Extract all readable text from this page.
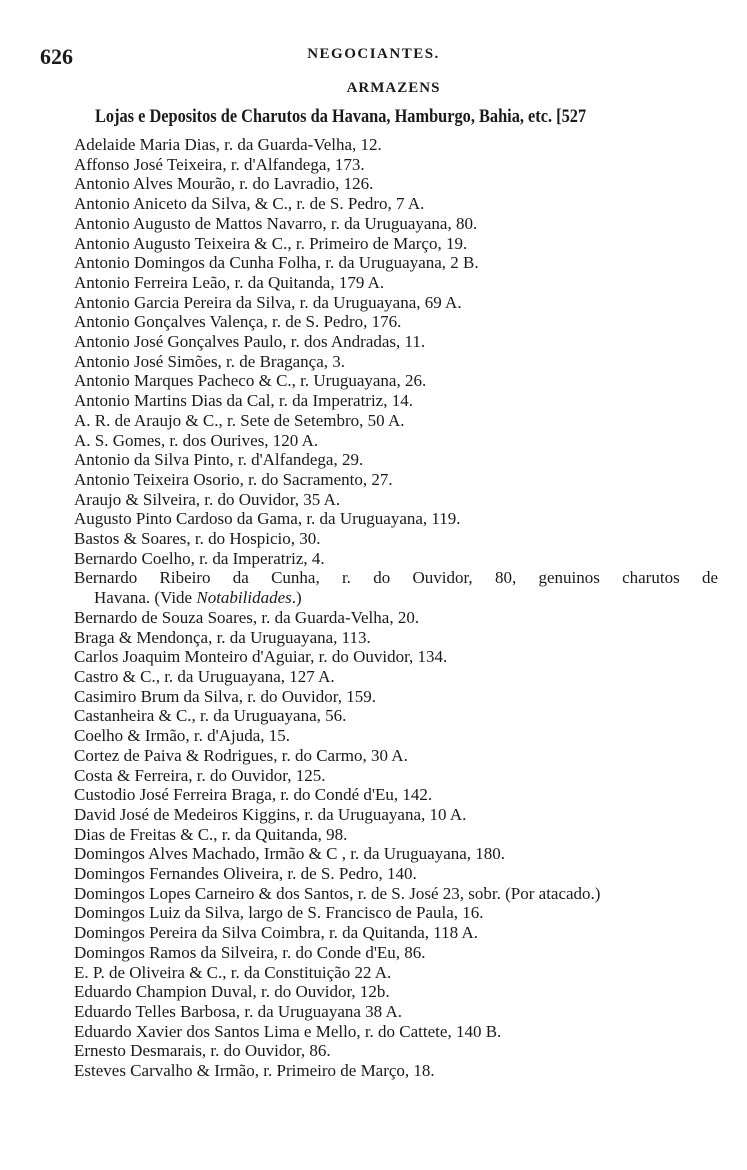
626	NEGOCIANTES.
ARMAZENS
Lojas e Depositos de Charutos da Havana, Hamburgo, Bahia, etc. [527
Adelaide Maria Dias, r. da Guarda-Velha, 12.
Affonso José Teixeira, r. d'Alfandega, 173.
Antonio Alves Mourão, r. do Lavradio, 126.
Antonio Aniceto da Silva, & C., r. de S. Pedro, 7 A.
Antonio Augusto de Mattos Navarro, r. da Uruguayana, 80.
Antonio Augusto Teixeira & C., r. Primeiro de Março, 19.
Antonio Domingos da Cunha Folha, r. da Uruguayana, 2 B.
Antonio Ferreira Leão, r. da Quitanda, 179 A.
Antonio Garcia Pereira da Silva, r. da Uruguayana, 69 A.
Antonio Gonçalves Valença, r. de S. Pedro, 176.
Antonio José Gonçalves Paulo, r. dos Andradas, 11.
Antonio José Simões, r. de Bragança, 3.
Antonio Marques Pacheco & C., r. Uruguayana, 26.
Antonio Martins Dias da Cal, r. da Imperatriz, 14.
A. R. de Araujo & C., r. Sete de Setembro, 50 A.
A. S. Gomes, r. dos Ourives, 120 A.
Antonio da Silva Pinto, r. d'Alfandega, 29.
Antonio Teixeira Osorio, r. do Sacramento, 27.
Araujo & Silveira, r. do Ouvidor, 35 A.
Augusto Pinto Cardoso da Gama, r. da Uruguayana, 119.
Bastos & Soares, r. do Hospicio, 30.
Bernardo Coelho, r. da Imperatriz, 4.
Bernardo Ribeiro da Cunha, r. do Ouvidor, 80, genuinos charutos de
Havana. (Vide Notabilidades.)
Bernardo de Souza Soares, r. da Guarda-Velha, 20.
Braga & Mendonça, r. da Uruguayana, 113.
Carlos Joaquim Monteiro d'Aguiar, r. do Ouvidor, 134.
Castro & C., r. da Uruguayana, 127 A.
Casimiro Brum da Silva, r. do Ouvidor, 159.
Castanheira & C., r. da Uruguayana, 56.
Coelho & Irmão, r. d'Ajuda, 15.
Cortez de Paiva & Rodrigues, r. do Carmo, 30 A.
Costa & Ferreira, r. do Ouvidor, 125.
Custodio José Ferreira Braga, r. do Condé d'Eu, 142.
David José de Medeiros Kiggins, r. da Uruguayana, 10 A.
Dias de Freitas & C., r. da Quitanda, 98.
Domingos Alves Machado, Irmão & C , r. da Uruguayana, 180.
Domingos Fernandes Oliveira, r. de S. Pedro, 140.
Domingos Lopes Carneiro & dos Santos, r. de S. José 23, sobr. (Por atacado.)
Domingos Luiz da Silva, largo de S. Francisco de Paula, 16.
Domingos Pereira da Silva Coimbra, r. da Quitanda, 118 A.
Domingos Ramos da Silveira, r. do Conde d'Eu, 86.
E. P. de Oliveira & C., r. da Constituição 22 A.
Eduardo Champion Duval, r. do Ouvidor, 12b.
Eduardo Telles Barbosa, r. da Uruguayana 38 A.
Eduardo Xavier dos Santos Lima e Mello, r. do Cattete, 140 B.
Ernesto Desmarais, r. do Ouvidor, 86.
Esteves Carvalho & Irmão, r. Primeiro de Março, 18.
